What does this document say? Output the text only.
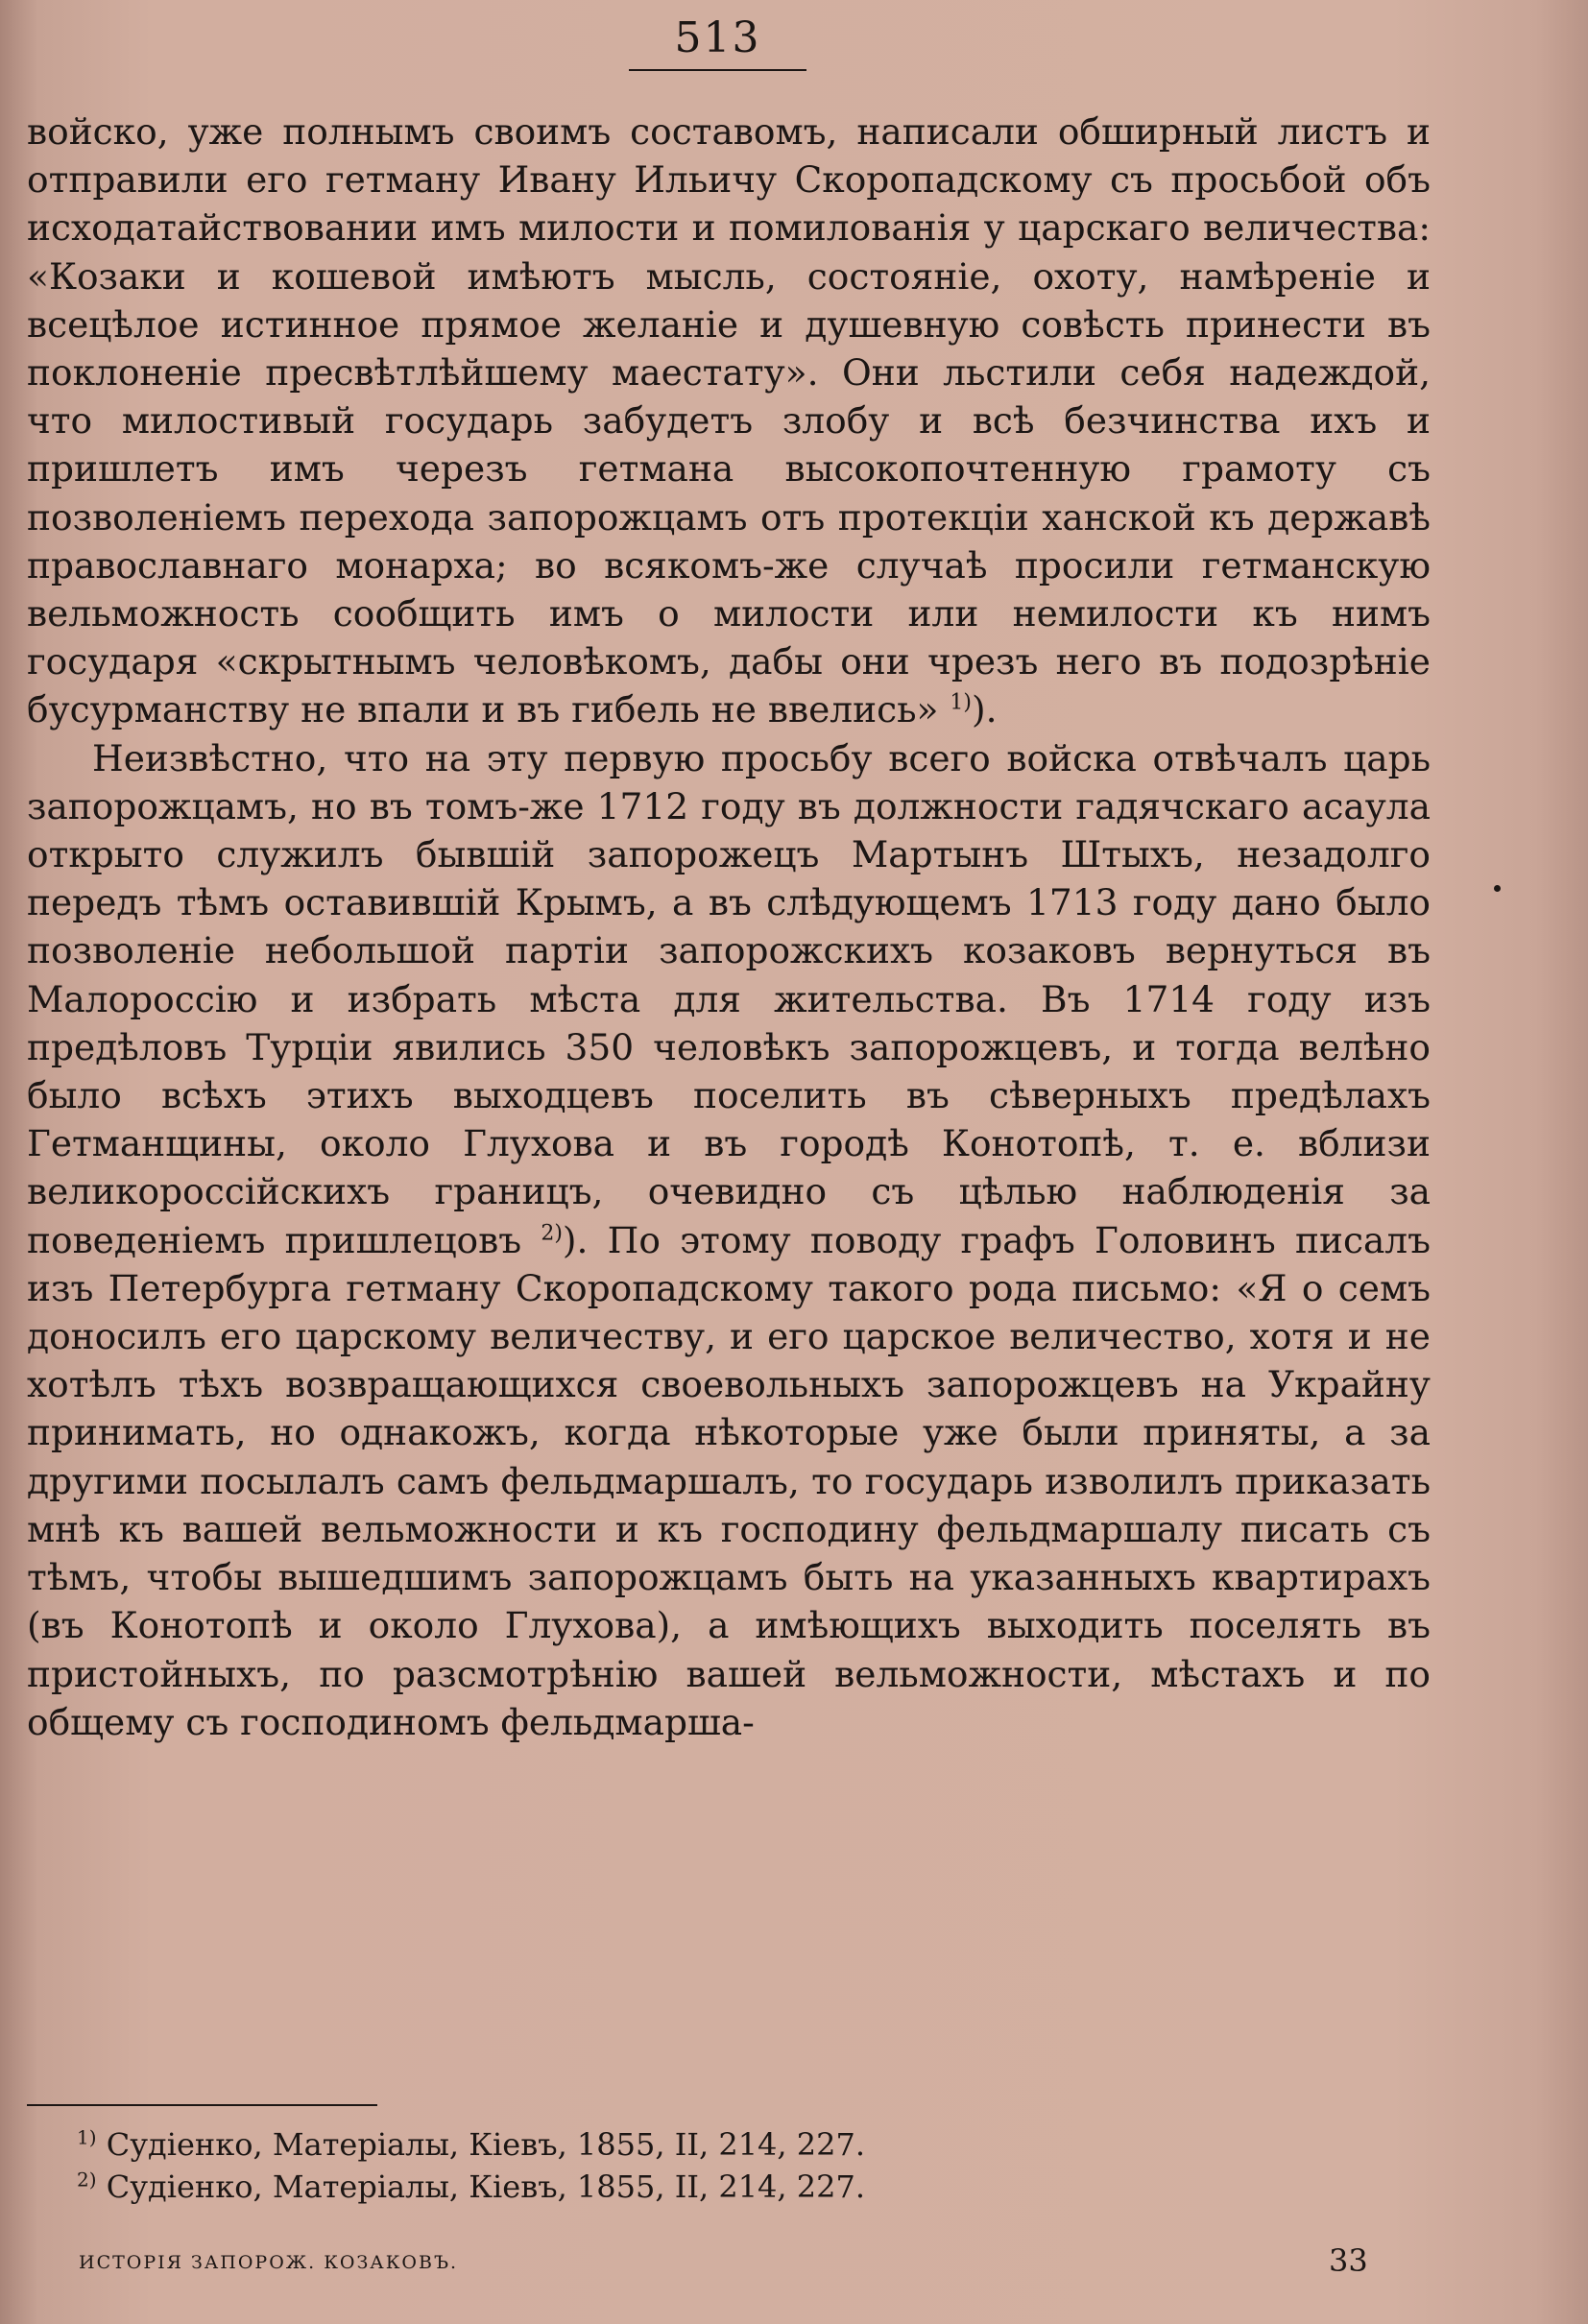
513

войско, уже полнымъ своимъ составомъ, написали обширный листъ и отправили его гетману Ивану Ильичу Скоропадскому съ просьбой объ исходатайствовании имъ милости и помилованія у царскаго величества: «Козаки и кошевой имѣютъ мысль, состояніе, охоту, намѣреніе и всецѣлое истинное прямое желаніе и душевную совѣсть принести въ поклоненіе пресвѣтлѣйшему маестату». Они льстили себя надеждой, что милостивый государь забудетъ злобу и всѣ безчинства ихъ и пришлетъ имъ черезъ гетмана высокопочтенную грамоту съ позволеніемъ перехода запорожцамъ отъ протекціи ханской къ державѣ православнаго монарха; во всякомъ-же случаѣ просили гетманскую вельможность сообщить имъ о милости или немилости къ нимъ государя «скрытнымъ человѣкомъ, дабы они чрезъ него въ подозрѣніе бусурманству не впали и въ гибель не ввелись» $^{1)}$).

Неизвѣстно, что на эту первую просьбу всего войска отвѣчалъ царь запорожцамъ, но въ томъ-же 1712 году въ должности гадячскаго асаула открыто служилъ бывшій запорожецъ Мартынъ Штыхъ, незадолго передъ тѣмъ оставившій Крымъ, а въ слѣдующемъ 1713 году дано было позволеніе небольшой партіи запорожскихъ козаковъ вернуться въ Малороссію и избрать мѣста для жительства. Въ 1714 году изъ предѣловъ Турціи явились 350 человѣкъ запорожцевъ, и тогда велѣно было всѣхъ этихъ выходцевъ поселить въ сѣверныхъ предѣлахъ Гетманщины, около Глухова и въ городѣ Конотопѣ, т. е. вблизи великороссійскихъ границъ, очевидно съ цѣлью наблюденія за поведеніемъ пришлецовъ $^{2)}$). По этому поводу графъ Головинъ писалъ изъ Петербурга гетману Скоропадскому такого рода письмо: «Я о семъ доносилъ его царскому величеству, и его царское величество, хотя и не хотѣлъ тѣхъ возвращающихся своевольныхъ запорожцевъ на Украйну принимать, но однакожъ, когда нѣкоторые уже были приняты, а за другими посылалъ самъ фельдмаршалъ, то государь изволилъ приказать мнѣ къ вашей вельможности и къ господину фельдмаршалу писать съ тѣмъ, чтобы вышедшимъ запорожцамъ быть на указанныхъ квартирахъ (въ Конотопѣ и около Глухова), а имѣющихъ выходить поселять въ пристойныхъ, по разсмотрѣнію вашей вельможности, мѣстахъ и по общему съ господиномъ фельдмарша-

$^{1)}$ Судіенко, Матеріалы, Кіевъ, 1855, II, 214, 227.
$^{2)}$ Судіенко, Матеріалы, Кіевъ, 1855, II, 214, 227.
ИСТОРІЯ ЗАПОРОЖ. КОЗАКОВЪ.	33
